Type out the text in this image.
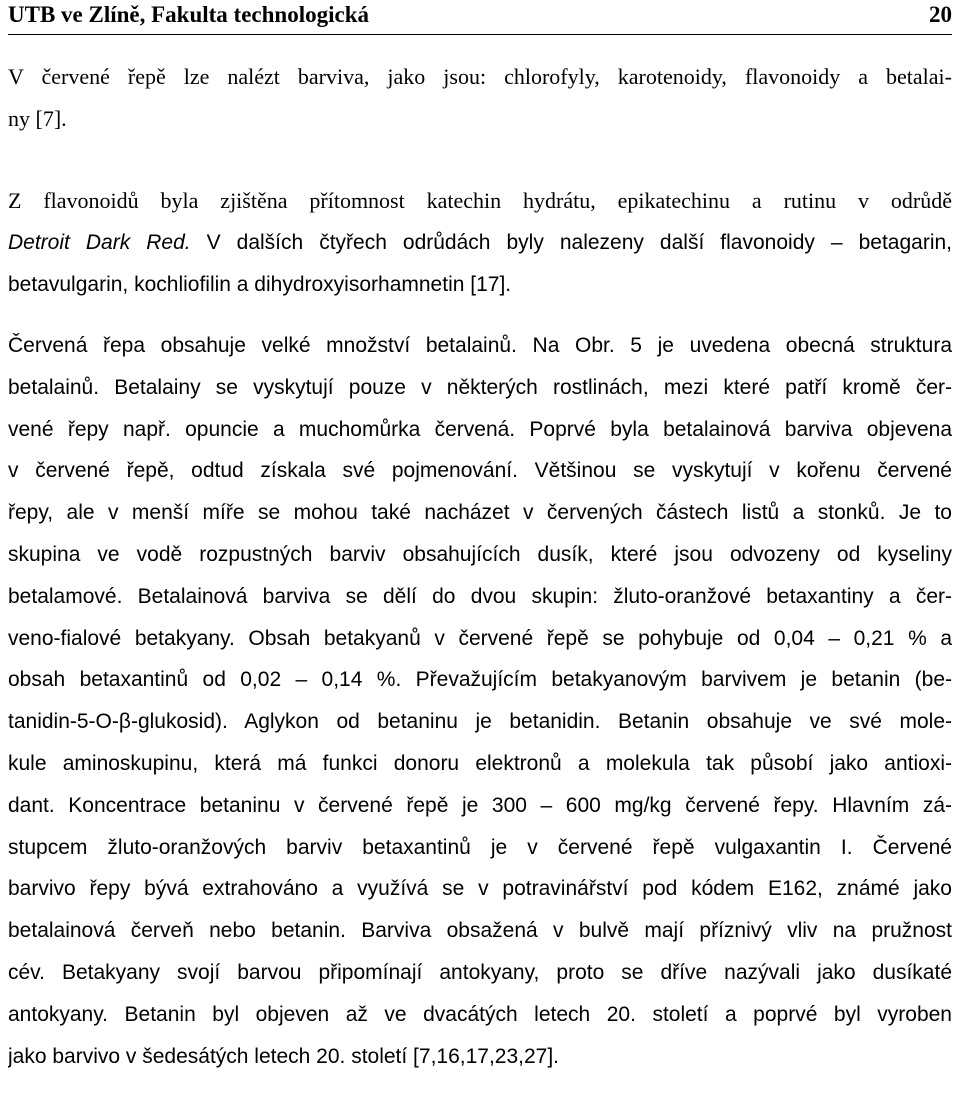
UTB ve Zlíně, Fakulta technologická	20
V červené řepě lze nalézt barviva, jako jsou: chlorofyly, karotenoidy, flavonoidy a betalai-
ny [7].
Z flavonoidů byla zjištěna přítomnost katechin hydrátu, epikatechinu a rutinu v odrůdě
Detroit Dark Red. V dalších čtyřech odrůdách byly nalezeny další flavonoidy – betagarin,
betavulgarin, kochliofilin a dihydroxyisorhamnetin [17].
Červená řepa obsahuje velké množství betalainů. Na Obr. 5 je uvedena obecná struktura
betalainů. Betalainy se vyskytují pouze v některých rostlinách, mezi které patří kromě čer-
vené řepy např. opuncie a muchomůrka červená. Poprvé byla betalainová barviva objevena
v červené řepě, odtud získala své pojmenování. Většinou se vyskytují v kořenu červené
řepy, ale v menší míře se mohou také nacházet v červených částech listů a stonků. Je to
skupina ve vodě rozpustných barviv obsahujících dusík, které jsou odvozeny od kyseliny
betalamové. Betalainová barviva se dělí do dvou skupin: žluto-oranžové betaxantiny a čer-
veno-fialové betakyany. Obsah betakyanů v červené řepě se pohybuje od 0,04 – 0,21 % a
obsah betaxantinů od 0,02 – 0,14 %. Převažujícím betakyanovým barvivem je betanin (be-
tanidin-5-O-β-glukosid). Aglykon od betaninu je betanidin. Betanin obsahuje ve své mole-
kule aminoskupinu, která má funkci donoru elektronů a molekula tak působí jako antioxi-
dant. Koncentrace betaninu v červené řepě je 300 – 600 mg/kg červené řepy. Hlavním zá-
stupcem žluto-oranžových barviv betaxantinů je v červené řepě vulgaxantin I. Červené
barvivo řepy bývá extrahováno a využívá se v potravinářství pod kódem E162, známé jako
betalainová červeň nebo betanin. Barviva obsažená v bulvě mají příznivý vliv na pružnost
cév. Betakyany svojí barvou připomínají antokyany, proto se dříve nazývali jako dusíkaté
antokyany. Betanin byl objeven až ve dvacátých letech 20. století a poprvé byl vyroben
jako barvivo v šedesátých letech 20. století [7,16,17,23,27].
